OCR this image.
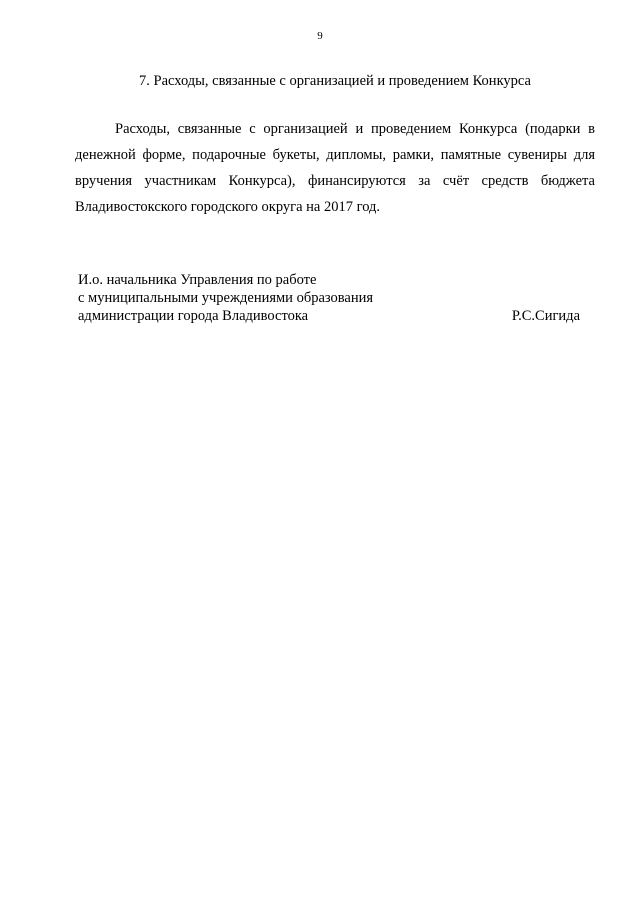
9
7. Расходы, связанные с организацией и проведением Конкурса
Расходы, связанные с организацией и проведением Конкурса (подарки в
денежной форме, подарочные букеты, дипломы, рамки, памятные сувениры для
вручения участникам Конкурса), финансируются за счёт средств бюджета
Владивостокского городского округа на 2017 год.
И.о. начальника Управления по работе
с муниципальными учреждениями образования
администрации города Владивостока	Р.С.Сигида
